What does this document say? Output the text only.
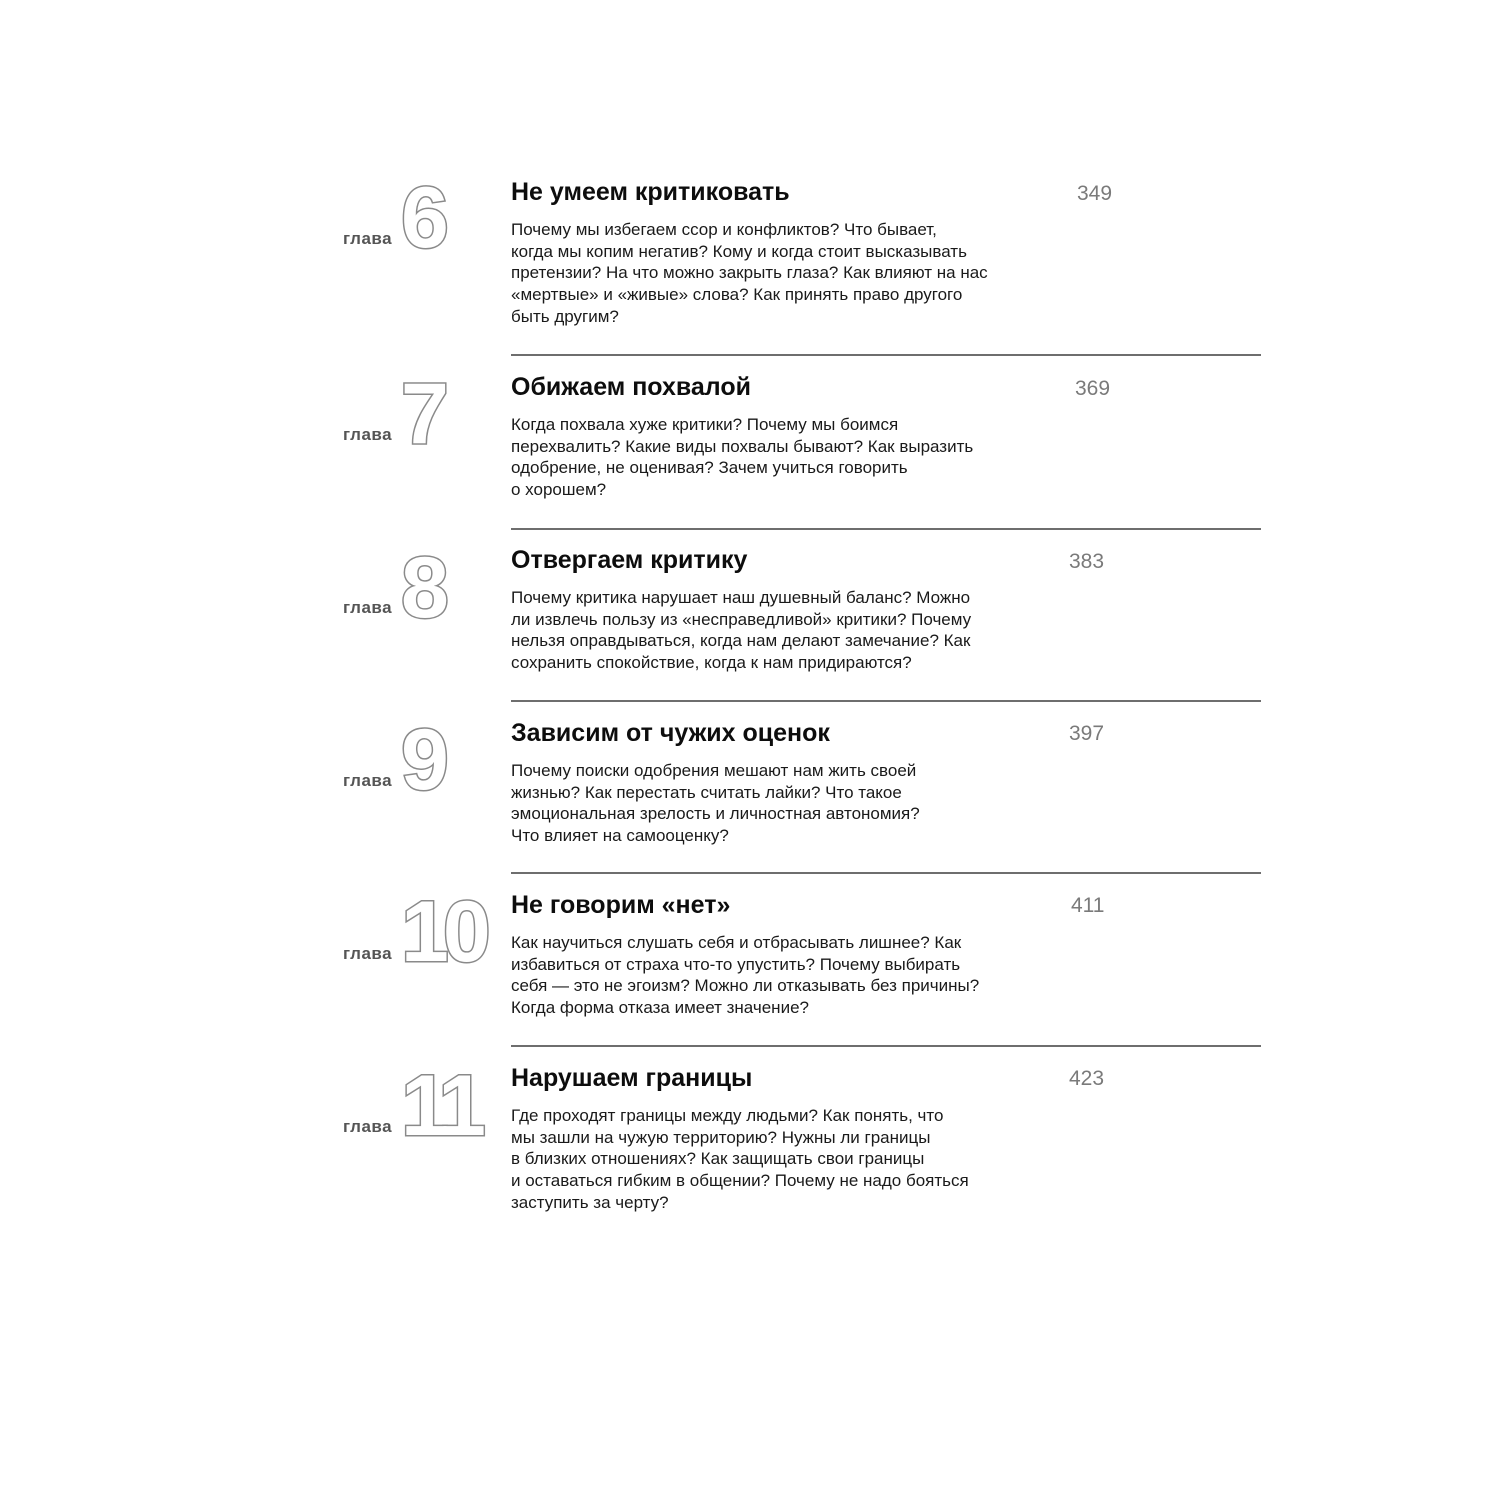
глава 6	Не умеем критиковать	349
Почему мы избегаем ссор и конфликтов? Что бывает,
когда мы копим негатив? Кому и когда стоит высказывать
претензии? На что можно закрыть глаза? Как влияют на нас
«мертвые» и «живые» слова? Как принять право другого
быть другим?
глава 7	Обижаем похвалой	369
Когда похвала хуже критики? Почему мы боимся
перехвалить? Какие виды похвалы бывают? Как выразить
одобрение, не оценивая? Зачем учиться говорить
о хорошем?
глава 8	Отвергаем критику	383
Почему критика нарушает наш душевный баланс? Можно
ли извлечь пользу из «несправедливой» критики? Почему
нельзя оправдываться, когда нам делают замечание? Как
сохранить спокойствие, когда к нам придираются?
глава 9	Зависим от чужих оценок	397
Почему поиски одобрения мешают нам жить своей
жизнью? Как перестать считать лайки? Что такое
эмоциональная зрелость и личностная автономия?
Что влияет на самооценку?
глава 10 Не говорим «нет»	411
Как научиться слушать себя и отбрасывать лишнее? Как
избавиться от страха что-то упустить? Почему выбирать
себя — это не эгоизм? Можно ли отказывать без причины?
Когда форма отказа имеет значение?
глава 11 Нарушаем границы	423
Где проходят границы между людьми? Как понять, что
мы зашли на чужую территорию? Нужны ли границы
в близких отношениях? Как защищать свои границы
и оставаться гибким в общении? Почему не надо бояться
заступить за черту?
